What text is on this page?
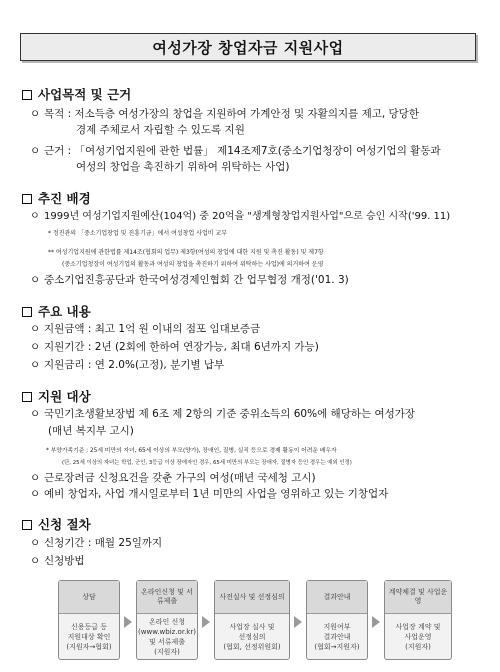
여성가장 창업자금 지원사업
사업목적 및 근거
ㅇ 목적 : 저소득층 여성가장의 창업을 지원하여 가계안정 및 자활의지를 제고, 당당한
경제 주체로서 자립할 수 있도록 지원
ㅇ 근거 : 「여성기업지원에 관한 법률」 제14조제7호(중소기업청장이 여성기업의 활동과
여성의 창업을 촉진하기 위하여 위탁하는 사업)
추진 배경
ㅇ 1999년 여성기업지원예산(104억) 중 20억을 "생계형창업지원사업"으로 승인 시작('99. 11)
* 정진관의 「중소기업창업 및 진흥기금」에서 여성창업 사업비 교부
** 여성기업지원에 관한법률 제14조(협회의 업무) 제3항(여성의 창업에 대한 지원 및 촉진 활동) 및 제7항
(중소기업청장이 여성기업의 활동과 여성의 창업을 촉진하기 위하여 위탁하는 사업)에 의거하여 운영
ㅇ 중소기업진흥공단과 한국여성경제인협회 간 업무협정 개정('01. 3)
주요 내용
ㅇ 지원금액 : 최고 1억 원 이내의 점포 임대보증금
ㅇ 지원기간 : 2년 (2회에 한하여 연장가능, 최대 6년까지 가능)
ㅇ 지원금리 : 연 2.0%(고정), 분기별 납부
지원 대상
ㅇ 국민기초생활보장법 제 6조 제 2항의 기준 중위소득의 60%에 해당하는 여성가장
(매년 복지부 고시)
* 부양가족기준 : 25세 미만의 자녀, 65세 이상의 부모(양가), 장애인, 질병, 실직 등으로 경제 활동이 어려운 배우자
(단, 25세 이상의 자녀는 학업, 군인, 3등급 이상 장애자인 경우, 65세 미만의 부모는 장애자, 질병자 등인 경우는 예외 인정)
ㅇ 근로장려금 신청요건을 갖춘 가구의 여성(매년 국세청 고시)
ㅇ 예비 창업자, 사업 개시일로부터 1년 미만의 사업을 영위하고 있는 기창업자
신청 절차
ㅇ 신청기간 : 매월 25일까지
ㅇ 신청방법
상담
신용등급 등
지원대상 확인
(지원자→협회)
온라인신청 및 서류제출
온라인 신청
(www.wbiz.or.kr)
및 서류제출
(지원자)
사전실사 및 선정심의
사업장 실사 및
선정심의
(협회, 선정위원회)
결과안내
지원여부
결과안내
(협회→지원자)
계약체결 및 사업운영
사업장 계약 및
사업운영
(지원자)
